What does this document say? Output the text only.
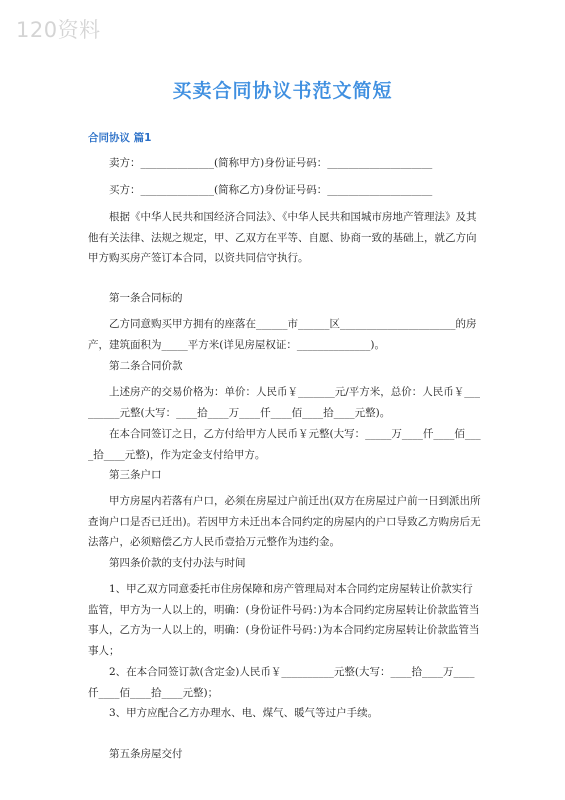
120资料
买卖合同协议书范文简短
合同协议 篇1
卖方：______________(简称甲方)身份证号码：____________________
买方：______________(简称乙方)身份证号码：____________________
根据《中华人民共和国经济合同法》、《中华人民共和国城市房地产管理法》及其他有关法律、法规之规定，甲、乙双方在平等、自愿、协商一致的基础上，就乙方向甲方购买房产签订本合同，以资共同信守执行。
第一条合同标的
乙方同意购买甲方拥有的座落在______市______区______________________的房产，建筑面积为_____平方米(详见房屋权证：______________)。
第二条合同价款
上述房产的交易价格为：单价：人民币￥_______元/平方米，总价：人民币￥_________元整(大写：____拾____万____仟____佰____拾____元整)。
在本合同签订之日，乙方付给甲方人民币￥元整(大写：_____万____仟____佰____拾____元整)，作为定金支付给甲方。
第三条户口
甲方房屋内若落有户口，必须在房屋过户前迁出(双方在房屋过户前一日到派出所查询户口是否已迁出)。若因甲方未迁出本合同约定的房屋内的户口导致乙方购房后无法落户，必须赔偿乙方人民币壹拾万元整作为违约金。
第四条价款的支付办法与时间
1、甲乙双方同意委托市住房保障和房产管理局对本合同约定房屋转让价款实行监管，甲方为一人以上的，明确：(身份证件号码：)为本合同约定房屋转让价款监管当事人，乙方为一人以上的，明确：(身份证件号码：)为本合同约定房屋转让价款监管当事人；
2、在本合同签订款(含定金)人民币￥__________元整(大写：____拾____万____仟____佰____拾____元整)；
3、甲方应配合乙方办理水、电、煤气、暖气等过户手续。
第五条房屋交付
